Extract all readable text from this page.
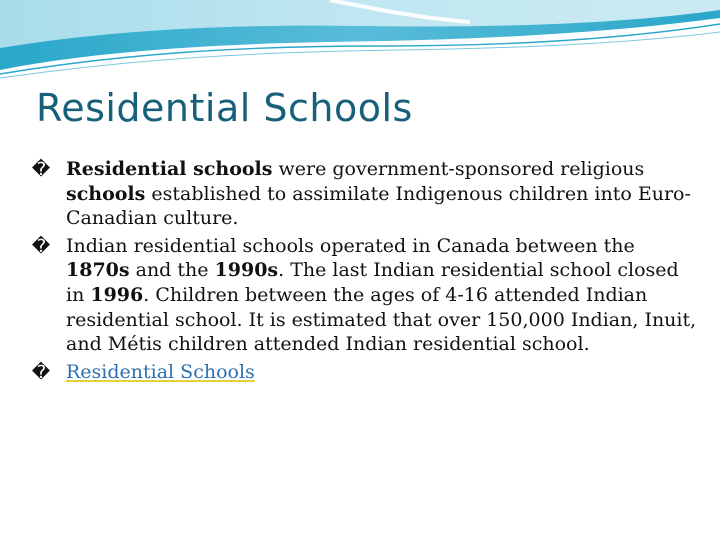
Residential Schools
� Residential schools were government-sponsored religious schools established to assimilate Indigenous children into Euro-Canadian culture.
� Indian residential schools operated in Canada between the 1870s and the 1990s. The last Indian residential school closed in 1996. Children between the ages of 4-16 attended Indian residential school. It is estimated that over 150,000 Indian, Inuit, and Métis children attended Indian residential school.
� Residential Schools
